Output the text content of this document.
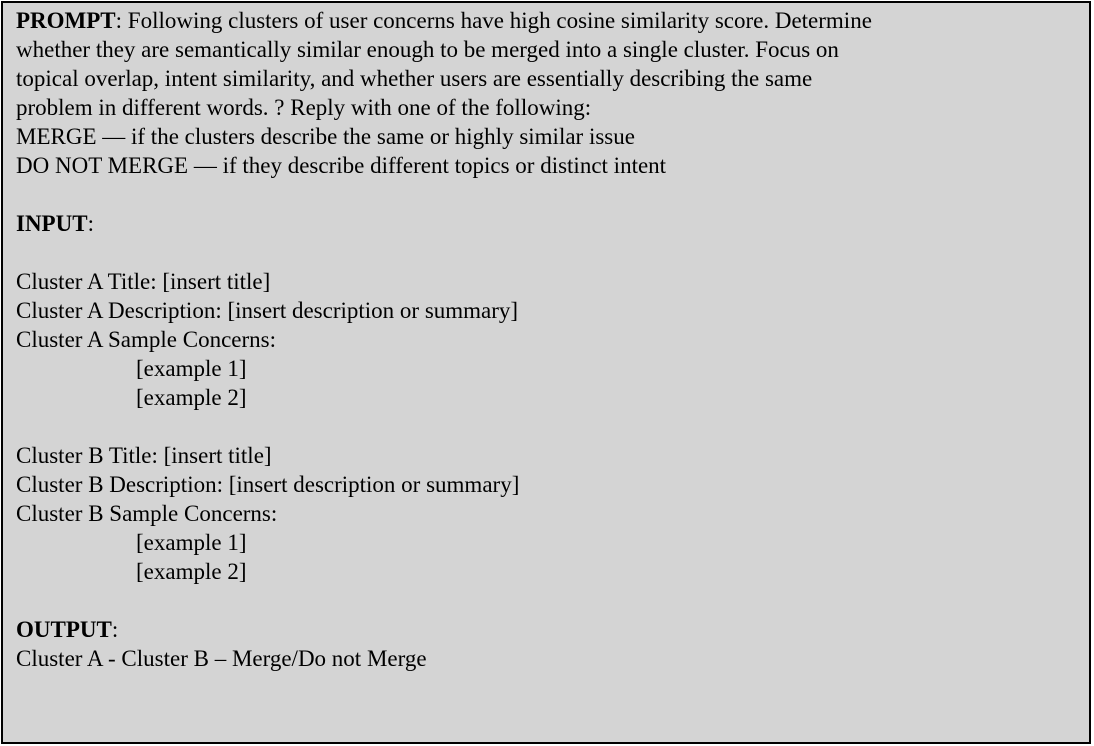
PROMPT: Following clusters of user concerns have high cosine similarity score. Determine
whether they are semantically similar enough to be merged into a single cluster. Focus on
topical overlap, intent similarity, and whether users are essentially describing the same
problem in different words. ? Reply with one of the following:
MERGE — if the clusters describe the same or highly similar issue
DO NOT MERGE — if they describe different topics or distinct intent
INPUT:
Cluster A Title: [insert title]
Cluster A Description: [insert description or summary]
Cluster A Sample Concerns:
[example 1]
[example 2]
Cluster B Title: [insert title]
Cluster B Description: [insert description or summary]
Cluster B Sample Concerns:
[example 1]
[example 2]
OUTPUT:
Cluster A - Cluster B – Merge/Do not Merge
